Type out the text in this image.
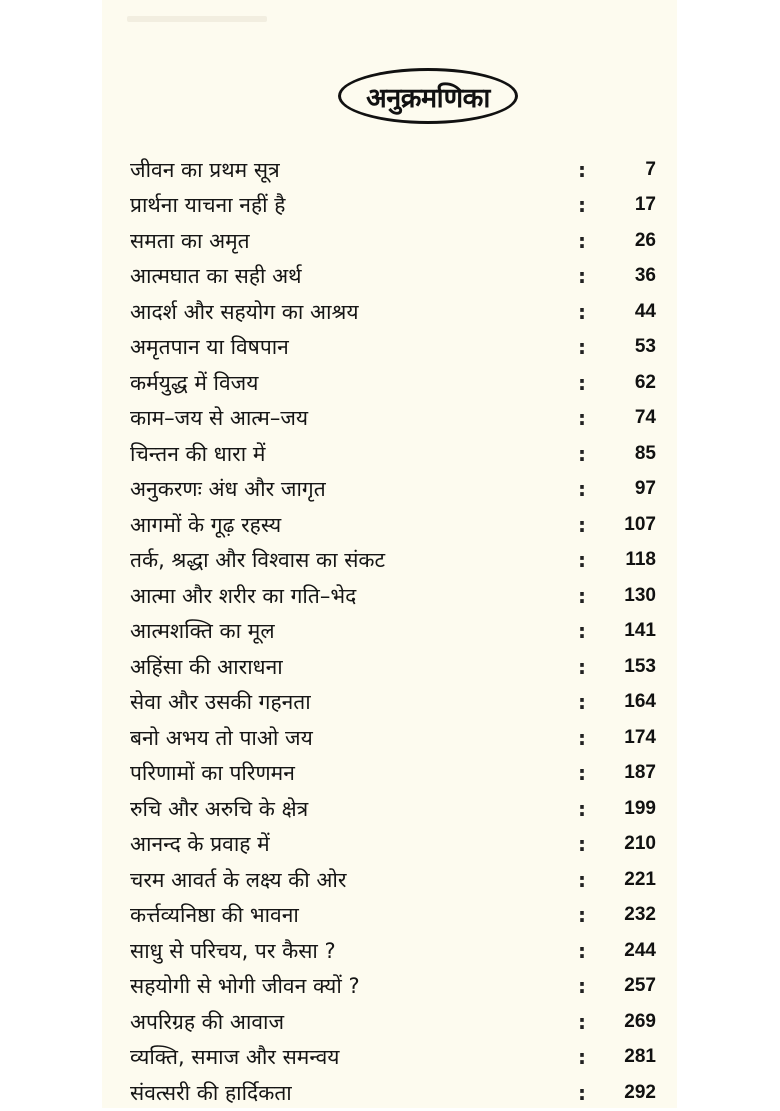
अनुक्रमणिका
जीवन का प्रथम सूत्र	:	7
प्रार्थना याचना नहीं है	:	17
समता का अमृत	:	26
आत्मघात का सही अर्थ	:	36
आदर्श और सहयोग का आश्रय	:	44
अमृतपान या विषपान	:	53
कर्मयुद्ध में विजय	:	62
काम–जय से आत्म–जय	:	74
चिन्तन की धारा में	:	85
अनुकरणः अंध और जागृत	:	97
आगमों के गूढ़ रहस्य	: 107
तर्क, श्रद्धा और विश्वास का संकट	: 118
आत्मा और शरीर का गति–भेद	: 130
आत्मशक्ति का मूल	: 141
अहिंसा की आराधना	: 153
सेवा और उसकी गहनता	: 164
बनो अभय तो पाओ जय	: 174
परिणामों का परिणमन	: 187
रुचि और अरुचि के क्षेत्र	: 199
आनन्द के प्रवाह में	: 210
चरम आवर्त के लक्ष्य की ओर	: 221
कर्त्तव्यनिष्ठा की भावना	: 232
साधु से परिचय, पर कैसा ?	: 244
सहयोगी से भोगी जीवन क्यों ?	: 257
अपरिग्रह की आवाज	: 269
व्यक्ति, समाज और समन्वय	: 281
संवत्सरी की हार्दिकता	: 292
